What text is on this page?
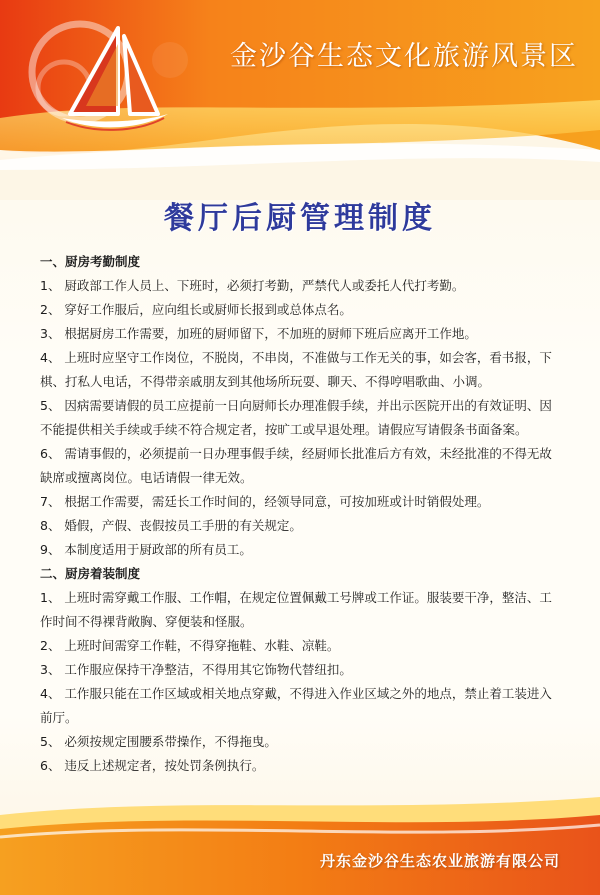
金沙谷生态文化旅游风景区
餐厅后厨管理制度

一、厨房考勤制度

1、 厨政部工作人员上、下班时，必须打考勤，严禁代人或委托人代打考勤。

2、 穿好工作服后，应向组长或厨师长报到或总体点名。

3、 根据厨房工作需要，加班的厨师留下，不加班的厨师下班后应离开工作地。

4、 上班时应坚守工作岗位，不脱岗，不串岗，不准做与工作无关的事，如会客，看书报，下棋、打私人电话，不得带亲戚朋友到其他场所玩耍、聊天、不得哼唱歌曲、小调。

5、 因病需要请假的员工应提前一日向厨师长办理准假手续，并出示医院开出的有效证明、因不能提供相关手续或手续不符合规定者，按旷工或早退处理。请假应写请假条书面备案。

6、 需请事假的，必须提前一日办理事假手续，经厨师长批准后方有效，未经批准的不得无故缺席或擅离岗位。电话请假一律无效。

7、 根据工作需要，需廷长工作时间的，经领导同意，可按加班或计时销假处理。

8、 婚假，产假、丧假按员工手册的有关规定。

9、 本制度适用于厨政部的所有员工。

二、厨房着装制度

1、 上班时需穿戴工作服、工作帽，在规定位置佩戴工号牌或工作证。服装要干净，整洁、工作时间不得裸背敞胸、穿便装和怪服。

2、 上班时间需穿工作鞋，不得穿拖鞋、水鞋、凉鞋。

3、 工作服应保持干净整洁，不得用其它饰物代替纽扣。

4、 工作服只能在工作区域或相关地点穿戴，不得进入作业区域之外的地点，禁止着工装进入前厅。

5、 必须按规定围腰系带操作，不得拖曳。

6、 违反上述规定者，按处罚条例执行。

丹东金沙谷生态农业旅游有限公司
